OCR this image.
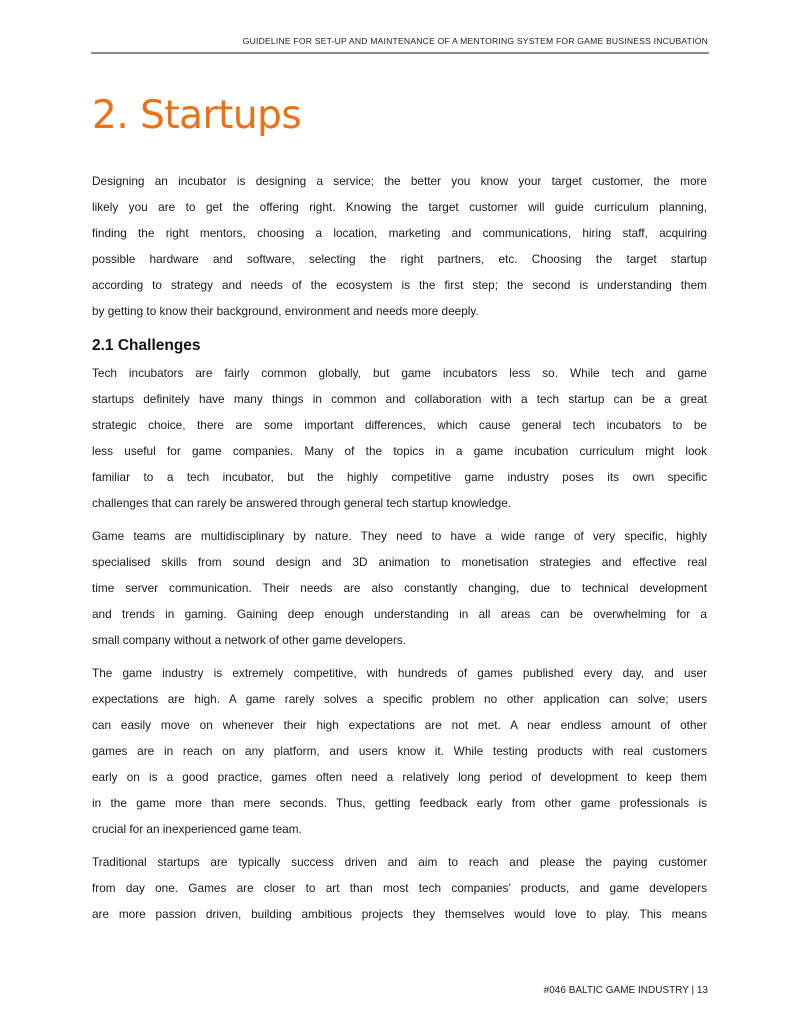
GUIDELINE FOR SET-UP AND MAINTENANCE OF A MENTORING SYSTEM FOR GAME BUSINESS INCUBATION
2. Startups
Designing an incubator is designing a service; the better you know your target customer, the more
likely you are to get the offering right. Knowing the target customer will guide curriculum planning,
finding the right mentors, choosing a location, marketing and communications, hiring staff, acquiring
possible hardware and software, selecting the right partners, etc. Choosing the target startup
according to strategy and needs of the ecosystem is the first step; the second is understanding them
by getting to know their background, environment and needs more deeply.
2.1 Challenges
Tech incubators are fairly common globally, but game incubators less so. While tech and game
startups definitely have many things in common and collaboration with a tech startup can be a great
strategic choice, there are some important differences, which cause general tech incubators to be
less useful for game companies. Many of the topics in a game incubation curriculum might look
familiar to a tech incubator, but the highly competitive game industry poses its own specific
challenges that can rarely be answered through general tech startup knowledge.
Game teams are multidisciplinary by nature. They need to have a wide range of very specific, highly
specialised skills from sound design and 3D animation to monetisation strategies and effective real
time server communication. Their needs are also constantly changing, due to technical development
and trends in gaming. Gaining deep enough understanding in all areas can be overwhelming for a
small company without a network of other game developers.
The game industry is extremely competitive, with hundreds of games published every day, and user
expectations are high. A game rarely solves a specific problem no other application can solve; users
can easily move on whenever their high expectations are not met. A near endless amount of other
games are in reach on any platform, and users know it. While testing products with real customers
early on is a good practice, games often need a relatively long period of development to keep them
in the game more than mere seconds. Thus, getting feedback early from other game professionals is
crucial for an inexperienced game team.
Traditional startups are typically success driven and aim to reach and please the paying customer
from day one. Games are closer to art than most tech companies’ products, and game developers
are more passion driven, building ambitious projects they themselves would love to play. This means
#046 BALTIC GAME INDUSTRY | 13
